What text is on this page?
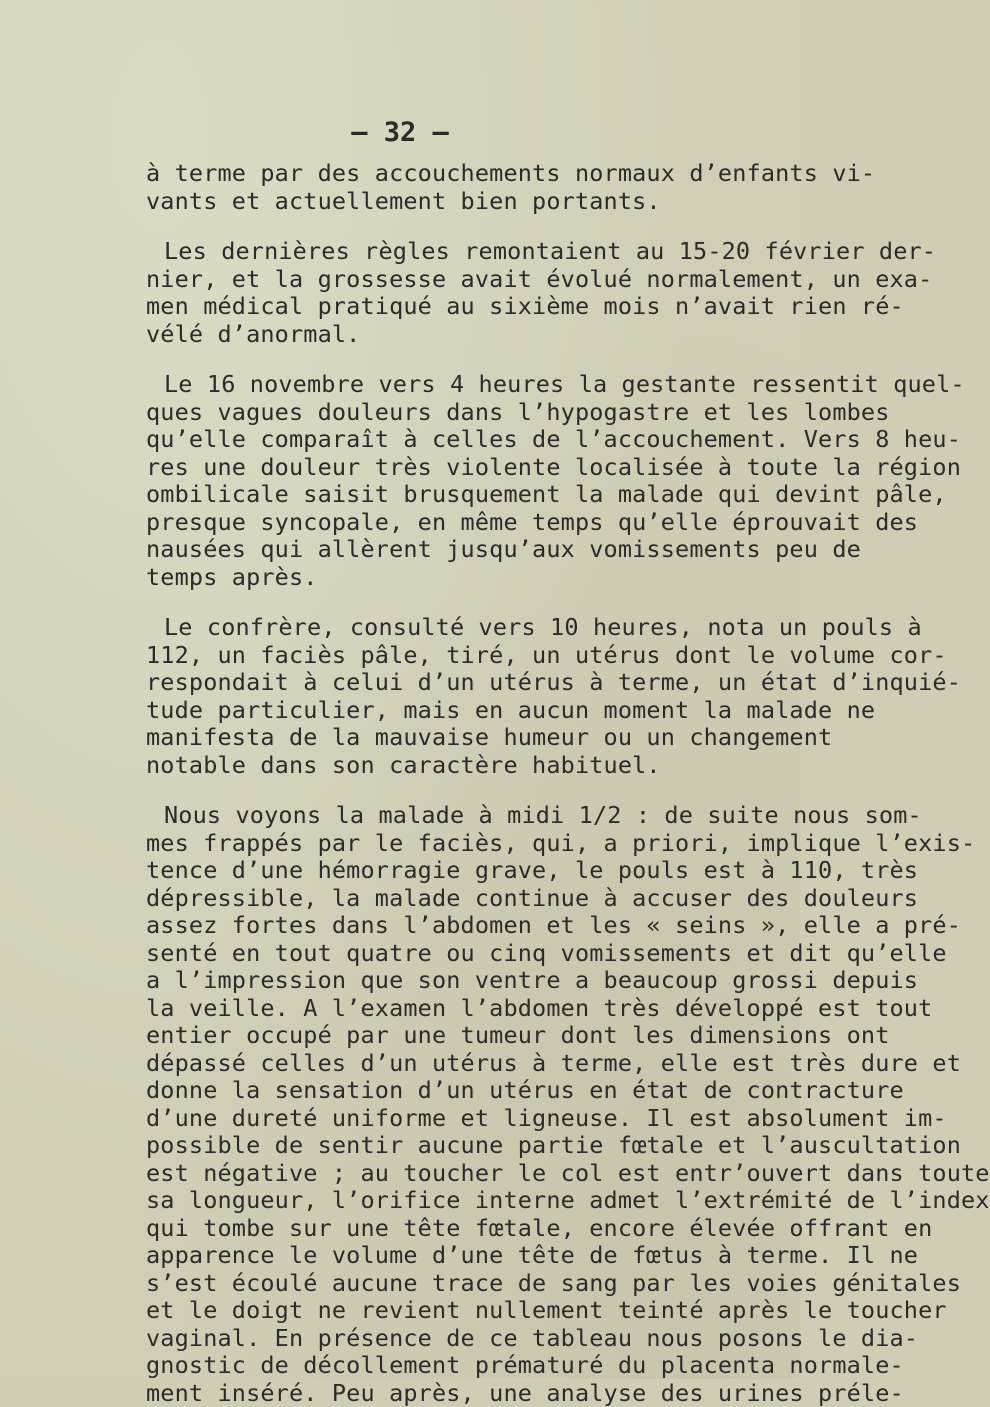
— 32 —

à terme par des accouchements normaux d’enfants vi-
vants et actuellement bien portants.

Les dernières règles remontaient au 15-20 février der-
nier, et la grossesse avait évolué normalement, un exa-
men médical pratiqué au sixième mois n’avait rien ré-
vélé d’anormal.

Le 16 novembre vers 4 heures la gestante ressentit quel-
ques vagues douleurs dans l’hypogastre et les lombes
qu’elle comparaît à celles de l’accouchement. Vers 8 heu-
res une douleur très violente localisée à toute la région
ombilicale saisit brusquement la malade qui devint pâle,
presque syncopale, en même temps qu’elle éprouvait des
nausées qui allèrent jusqu’aux vomissements peu de
temps après.

Le confrère, consulté vers 10 heures, nota un pouls à
112, un faciès pâle, tiré, un utérus dont le volume cor-
respondait à celui d’un utérus à terme, un état d’inquié-
tude particulier, mais en aucun moment la malade ne
manifesta de la mauvaise humeur ou un changement
notable dans son caractère habituel.

Nous voyons la malade à midi 1/2 : de suite nous som-
mes frappés par le faciès, qui, a priori, implique l’exis-
tence d’une hémorragie grave, le pouls est à 110, très
dépressible, la malade continue à accuser des douleurs
assez fortes dans l’abdomen et les « seins », elle a pré-
senté en tout quatre ou cinq vomissements et dit qu’elle
a l’impression que son ventre a beaucoup grossi depuis
la veille. A l’examen l’abdomen très développé est tout
entier occupé par une tumeur dont les dimensions ont
dépassé celles d’un utérus à terme, elle est très dure et
donne la sensation d’un utérus en état de contracture
d’une dureté uniforme et ligneuse. Il est absolument im-
possible de sentir aucune partie fœtale et l’auscultation
est négative ; au toucher le col est entr’ouvert dans toute
sa longueur, l’orifice interne admet l’extrémité de l’index
qui tombe sur une tête fœtale, encore élevée offrant en
apparence le volume d’une tête de fœtus à terme. Il ne
s’est écoulé aucune trace de sang par les voies génitales
et le doigt ne revient nullement teinté après le toucher
vaginal. En présence de ce tableau nous posons le dia-
gnostic de décollement prématuré du placenta normale-
ment inséré. Peu après, une analyse des urines préle-
